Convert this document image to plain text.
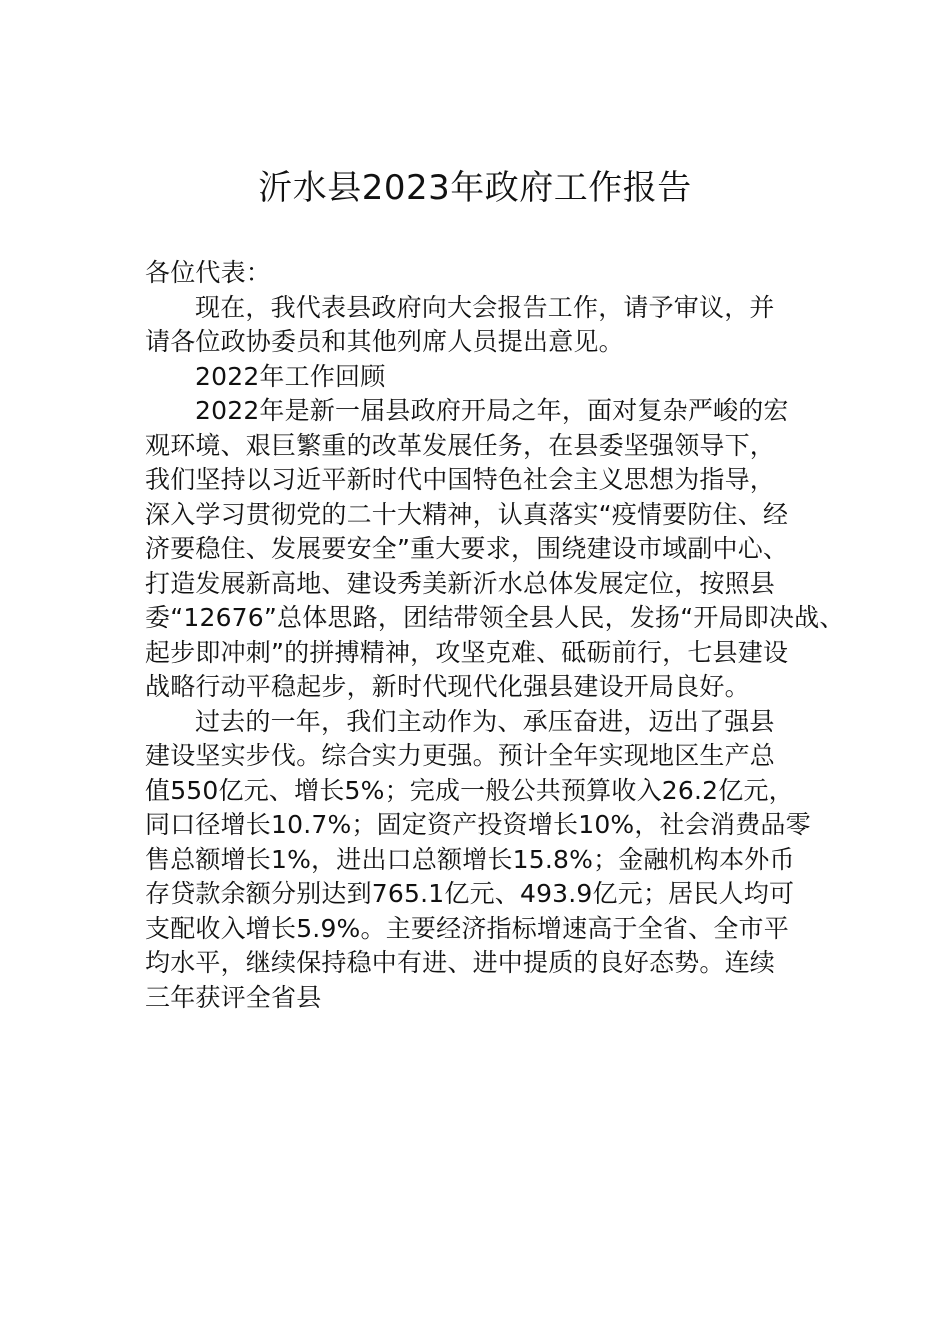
沂水县2023年政府工作报告
各位代表：
现在，我代表县政府向大会报告工作，请予审议，并
请各位政协委员和其他列席人员提出意见。
2022年工作回顾
2022年是新一届县政府开局之年，面对复杂严峻的宏
观环境、艰巨繁重的改革发展任务，在县委坚强领导下，
我们坚持以习近平新时代中国特色社会主义思想为指导，
深入学习贯彻党的二十大精神，认真落实“疫情要防住、经
济要稳住、发展要安全”重大要求，围绕建设市域副中心、
打造发展新高地、建设秀美新沂水总体发展定位，按照县
委“12676”总体思路，团结带领全县人民，发扬“开局即决战、
起步即冲刺”的拼搏精神，攻坚克难、砥砺前行，七县建设
战略行动平稳起步，新时代现代化强县建设开局良好。
过去的一年，我们主动作为、承压奋进，迈出了强县
建设坚实步伐。综合实力更强。预计全年实现地区生产总
值550亿元、增长5%；完成一般公共预算收入26.2亿元，
同口径增长10.7%；固定资产投资增长10%，社会消费品零
售总额增长1%，进出口总额增长15.8%；金融机构本外币
存贷款余额分别达到765.1亿元、493.9亿元；居民人均可
支配收入增长5.9%。主要经济指标增速高于全省、全市平
均水平，继续保持稳中有进、进中提质的良好态势。连续
三年获评全省县
